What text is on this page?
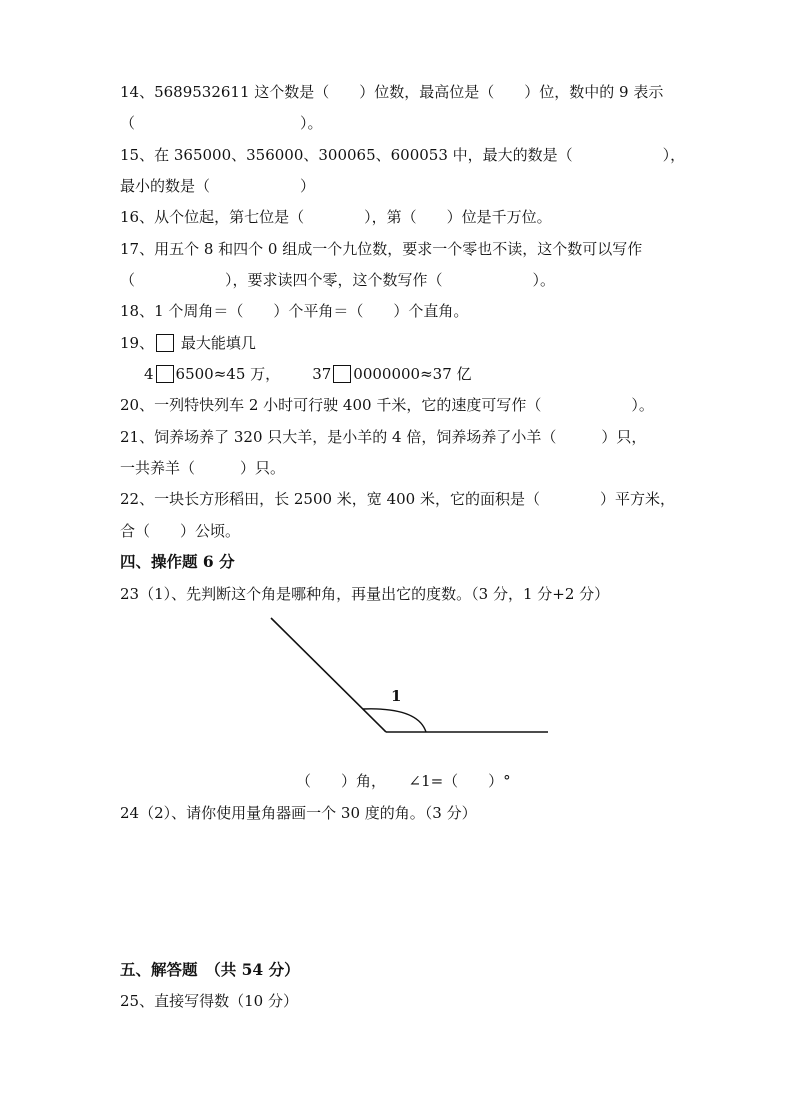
14、5689532611 这个数是（　　）位数，最高位是（　　）位，数中的 9 表示
（　　　　　　　　　　　）。
15、在 365000、356000、300065、600053 中，最大的数是（　　　　　　），
最小的数是（　　　　　　）
16、从个位起，第七位是（　　　　），第（　　）位是千万位。
17、用五个 8 和四个 0 组成一个九位数，要求一个零也不读，这个数可以写作
（　　　　　　），要求读四个零，这个数写作（　　　　　　）。
18、1 个周角＝（　　）个平角＝（　　）个直角。
19、 最大能填几
4 6500≈45 万，　　	37 0000000≈37 亿
20、一列特快列车 2 小时可行驶 400 千米，它的速度可写作（　　　　　　）。
21、饲养场养了 320 只大羊，是小羊的 4 倍，饲养场养了小羊（　　　）只，
一共养羊（　　　）只。
22、一块长方形稻田，长 2500 米，宽 400 米，它的面积是（　　　　）平方米，
合（　　）公顷。
四、操作题 6 分
23（1）、先判断这个角是哪种角，再量出它的度数。（3 分，1 分+2 分）
1
（　　）角，　　∠1=（　　）°
24（2）、请你使用量角器画一个 30 度的角。（3 分）
五、解答题　（共 54 分）
25、直接写得数（10 分）
